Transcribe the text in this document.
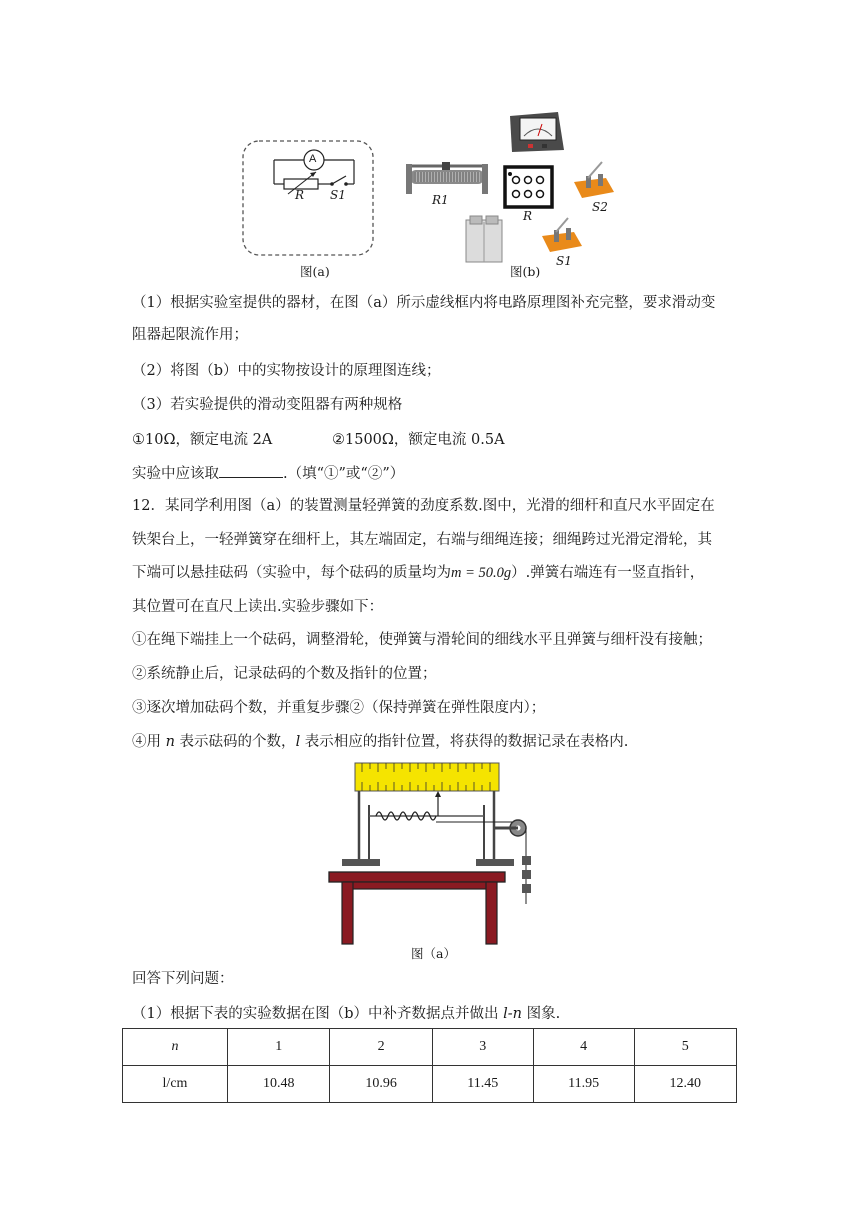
A
R S1
图(a)
R1
R
S2
S1
图(b)
（1）根据实验室提供的器材，在图（a）所示虚线框内将电路原理图补充完整，要求滑动变
阻器起限流作用；
（2）将图（b）中的实物按设计的原理图连线；
（3）若实验提供的滑动变阻器有两种规格
①10Ω，额定电流 2A	②1500Ω，额定电流 0.5A
实验中应该取	.（填“①”或“②”）
12．某同学利用图（a）的装置测量轻弹簧的劲度系数.图中，光滑的细杆和直尺水平固定在
铁架台上，一轻弹簧穿在细杆上，其左端固定，右端与细绳连接；细绳跨过光滑定滑轮，其
下端可以悬挂砝码（实验中，每个砝码的质量均为m = 50.0g）.弹簧右端连有一竖直指针，
其位置可在直尺上读出.实验步骤如下：
①在绳下端挂上一个砝码，调整滑轮，使弹簧与滑轮间的细线水平且弹簧与细杆没有接触；
②系统静止后，记录砝码的个数及指针的位置；
③逐次增加砝码个数，并重复步骤②（保持弹簧在弹性限度内）；
④用 n 表示砝码的个数，l 表示相应的指针位置，将获得的数据记录在表格内.
图（a）
回答下列问题：
（1）根据下表的实验数据在图（b）中补齐数据点并做出 l-n 图象.
n	1	2	3	4	5
l/cm	10.48	10.96	11.45	11.95	12.40
